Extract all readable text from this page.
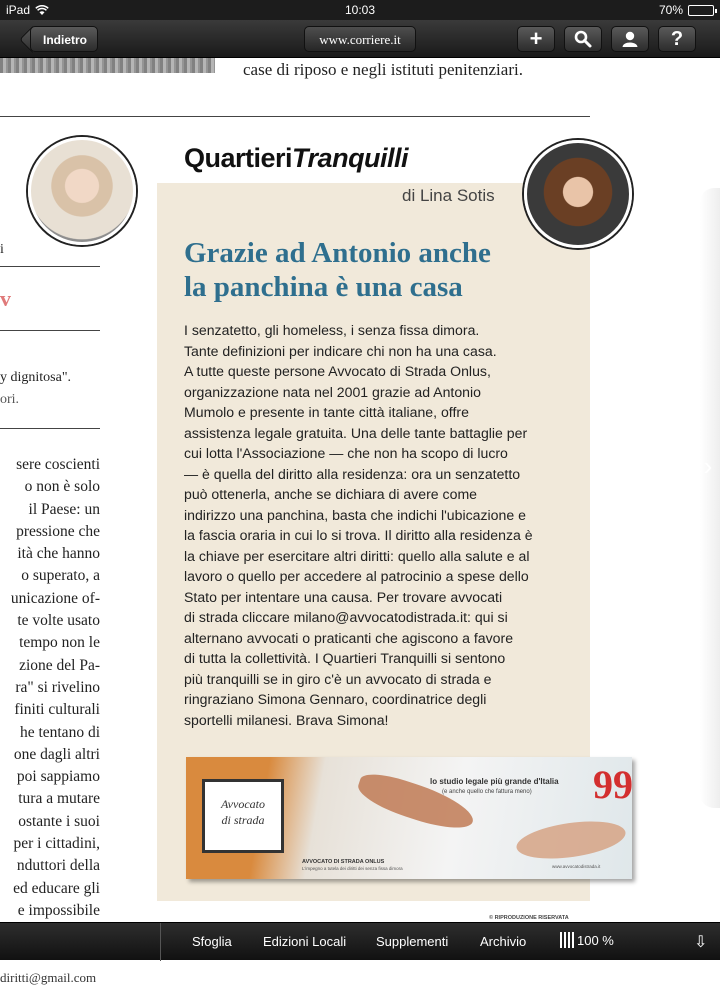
iPad	10:03	70%
Indietro	www.corriere.it	+	?
case di riposo e negli istituti penitenziari.
i
v
y dignitosa".
ori.
sere coscienti
o non è solo
il Paese: un
pressione che
ità che hanno
o superato, a
unicazione of-
te volte usato
tempo non le
zione del Pa-
ra" si rivelino
finiti culturali
he tentano di
one dagli altri
poi sappiamo
tura a mutare
ostante i suoi
per i cittadini,
nduttori della
ed educare gli
e impossibile
diritti@gmail.com
QuartieriTranquilli
di Lina Sotis
Grazie ad Antonio anche
la panchina è una casa

I senzatetto, gli homeless, i senza fissa dimora.

Tante definizioni per indicare chi non ha una casa.

A tutte queste persone Avvocato di Strada Onlus,

organizzazione nata nel 2001 grazie ad Antonio

Mumolo e presente in tante città italiane, offre

assistenza legale gratuita. Una delle tante battaglie per

cui lotta l'Associazione — che non ha scopo di lucro

— è quella del diritto alla residenza: ora un senzatetto

può ottenerla, anche se dichiara di avere come

indirizzo una panchina, basta che indichi l'ubicazione e

la fascia oraria in cui lo si trova. Il diritto alla residenza è

la chiave per esercitare altri diritti: quello alla salute e al

lavoro o quello per accedere al patrocinio a spese dello

Stato per intentare una causa. Per trovare avvocati

di strada cliccare milano@avvocatodistrada.it: qui si

alternano avvocati o praticanti che agiscono a favore

di tutta la collettività. I Quartieri Tranquilli si sentono

più tranquilli se in giro c'è un avvocato di strada e

ringraziano Simona Gennaro, coordinatrice degli

sportelli milanesi. Brava Simona!

Avvocato
di strada
lo studio legale più grande d'Italia
(e anche quello che fattura meno) 99
AVVOCATO DI STRADA ONLUS
L'impegno a tutela dei diritti dei senza fissa dimora	www.avvocatodistrada.it
© RIPRODUZIONE RISERVATA
›
Sfoglia Edizioni Locali Supplementi Archivio	100 %	⇩
